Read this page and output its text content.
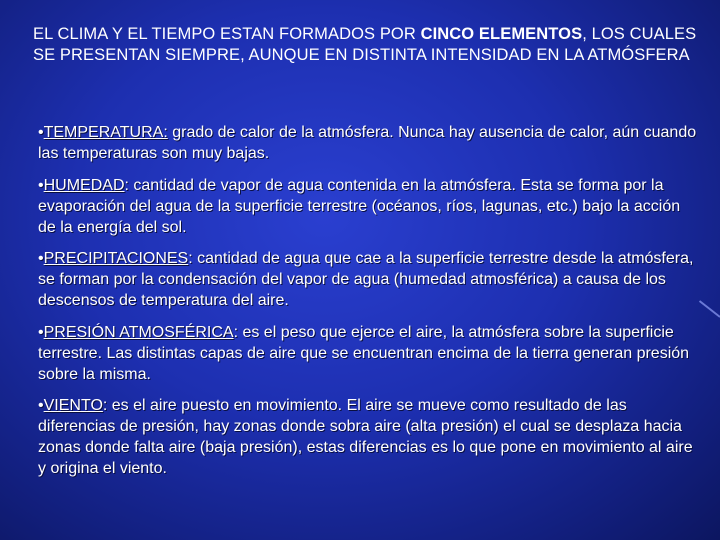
EL CLIMA Y EL TIEMPO ESTAN FORMADOS POR CINCO ELEMENTOS, LOS CUALES SE PRESENTAN SIEMPRE, AUNQUE EN DISTINTA INTENSIDAD EN LA ATMÓSFERA
•TEMPERATURA: grado de calor de la atmósfera. Nunca hay ausencia de calor, aún cuando las temperaturas son muy bajas.
•HUMEDAD: cantidad de vapor de agua contenida en la atmósfera. Esta se forma por la evaporación del agua de la superficie terrestre (océanos, ríos, lagunas, etc.) bajo la acción de la energía del sol.
•PRECIPITACIONES: cantidad de agua que cae a la superficie terrestre desde la atmósfera, se forman por la condensación del vapor de agua (humedad atmosférica) a causa de los descensos de temperatura del aire.
•PRESIÓN ATMOSFÉRICA: es el peso que ejerce el aire, la atmósfera sobre la superficie terrestre. Las distintas capas de aire que se encuentran encima de la tierra generan presión sobre la misma.
•VIENTO: es el aire puesto en movimiento. El aire se mueve como resultado de las diferencias de presión, hay zonas donde sobra aire (alta presión) el cual se desplaza hacia zonas donde falta aire (baja presión), estas diferencias es lo que pone en movimiento al aire y origina el viento.
